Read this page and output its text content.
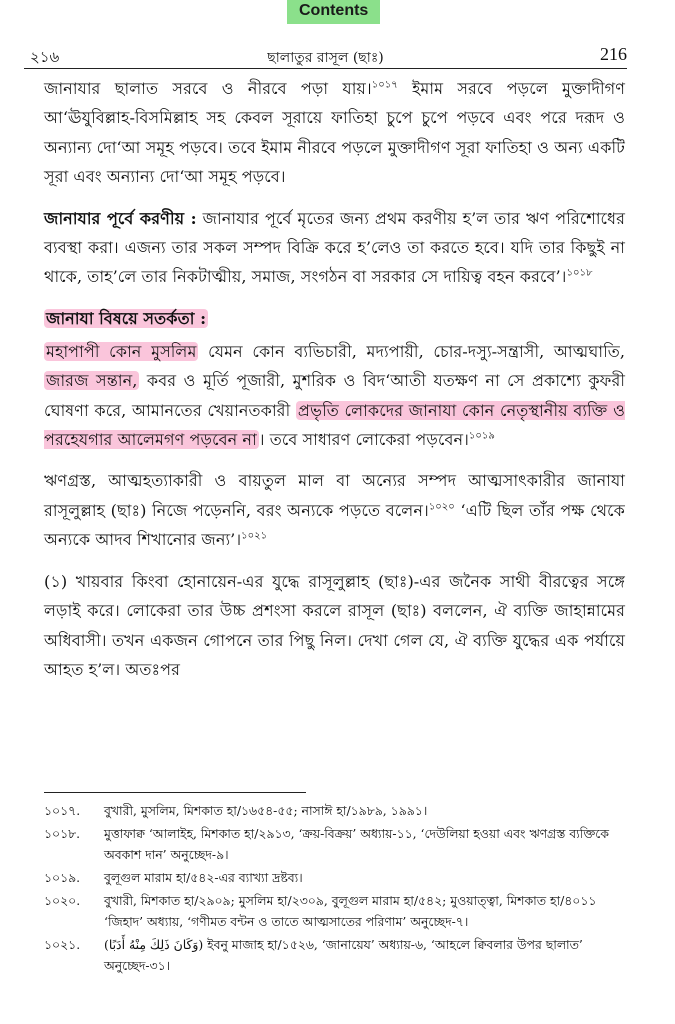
Contents
২১৬	ছালাতুর রাসূল (ছাঃ)	216

জানাযার ছালাত সরবে ও নীরবে পড়া যায়।$^{১০১৭}$ ইমাম সরবে পড়লে মুক্তাদীগণ আ‘ঊযুবিল্লাহ-বিসমিল্লাহ সহ কেবল সূরায়ে ফাতিহা চুপে চুপে পড়বে এবং পরে দরূদ ও অন্যান্য দো‘আ সমূহ পড়বে। তবে ইমাম নীরবে পড়লে মুক্তাদীগণ সূরা ফাতিহা ও অন্য একটি সূরা এবং অন্যান্য দো‘আ সমূহ পড়বে।

জানাযার পূর্বে করণীয় : জানাযার পূর্বে মৃতের জন্য প্রথম করণীয় হ’ল তার ঋণ পরিশোধের ব্যবস্থা করা। এজন্য তার সকল সম্পদ বিক্রি করে হ’লেও তা করতে হবে। যদি তার কিছুই না থাকে, তাহ’লে তার নিকটাত্মীয়, সমাজ, সংগঠন বা সরকার সে দায়িত্ব বহন করবে’।$^{১০১৮}$

জানাযা বিষয়ে সতর্কতা :

মহাপাপী কোন মুসলিম যেমন কোন ব্যভিচারী, মদ্যপায়ী, চোর-দস্যু-সন্ত্রাসী, আত্মঘাতি, জারজ সন্তান, কবর ও মূর্তি পূজারী, মুশরিক ও বিদ‘আতী যতক্ষণ না সে প্রকাশ্যে কুফরী ঘোষণা করে, আমানতের খেয়ানতকারী প্রভৃতি লোকদের জানাযা কোন নেতৃস্থানীয় ব্যক্তি ও পরহেযগার আলেমগণ পড়বেন না । তবে সাধারণ লোকেরা পড়বেন।$^{১০১৯}$

ঋণগ্রস্ত, আত্মহত্যাকারী ও বায়তুল মাল বা অন্যের সম্পদ আত্মসাৎকারীর জানাযা রাসূলুল্লাহ (ছাঃ) নিজে পড়েননি, বরং অন্যকে পড়তে বলেন।$^{১০২০}$ ‘এটি ছিল তাঁর পক্ষ থেকে অন্যকে আদব শিখানোর জন্য’।$^{১০২১}$

(১) খায়বার কিংবা হোনায়েন-এর যুদ্ধে রাসূলুল্লাহ (ছাঃ)-এর জনৈক সাথী বীরত্বের সঙ্গে লড়াই করে। লোকেরা তার উচ্চ প্রশংসা করলে রাসূল (ছাঃ) বললেন, ঐ ব্যক্তি জাহান্নামের অধিবাসী। তখন একজন গোপনে তার পিছু নিল। দেখা গেল যে, ঐ ব্যক্তি যুদ্ধের এক পর্যায়ে আহত হ’ল। অতঃপর

১০১৭.	বুখারী, মুসলিম, মিশকাত হা/১৬৫৪-৫৫; নাসাঈ হা/১৯৮৯, ১৯৯১।
১০১৮.	মুত্তাফাক্ব ‘আলাইহ, মিশকাত হা/২৯১৩, ‘ক্রয়-বিক্রয়’ অধ্যায়-১১, ‘দেউলিয়া হওয়া এবং ঋণগ্রস্ত ব্যক্তিকে অবকাশ দান’ অনুচ্ছেদ-৯।
১০১৯.	বুলূগুল মারাম হা/৫৪২-এর ব্যাখ্যা দ্রষ্টব্য।
১০২০.	বুখারী, মিশকাত হা/২৯০৯; মুসলিম হা/২৩০৯, বুলূগুল মারাম হা/৫৪২; মুওয়াত্ত্বা, মিশকাত হা/৪০১১ ‘জিহাদ’ অধ্যায়, ‘গণীমত বন্টন ও তাতে আত্মসাতের পরিণাম’ অনুচ্ছেদ-৭।
১০২১.	(وَكَانَ ذَلِكَ مِنْهُ أَدَبًا) ইবনু মাজাহ হা/১৫২৬, ‘জানায়েয’ অধ্যায়-৬, ‘আহলে ক্বিবলার উপর ছালাত’ অনুচ্ছেদ-৩১।
